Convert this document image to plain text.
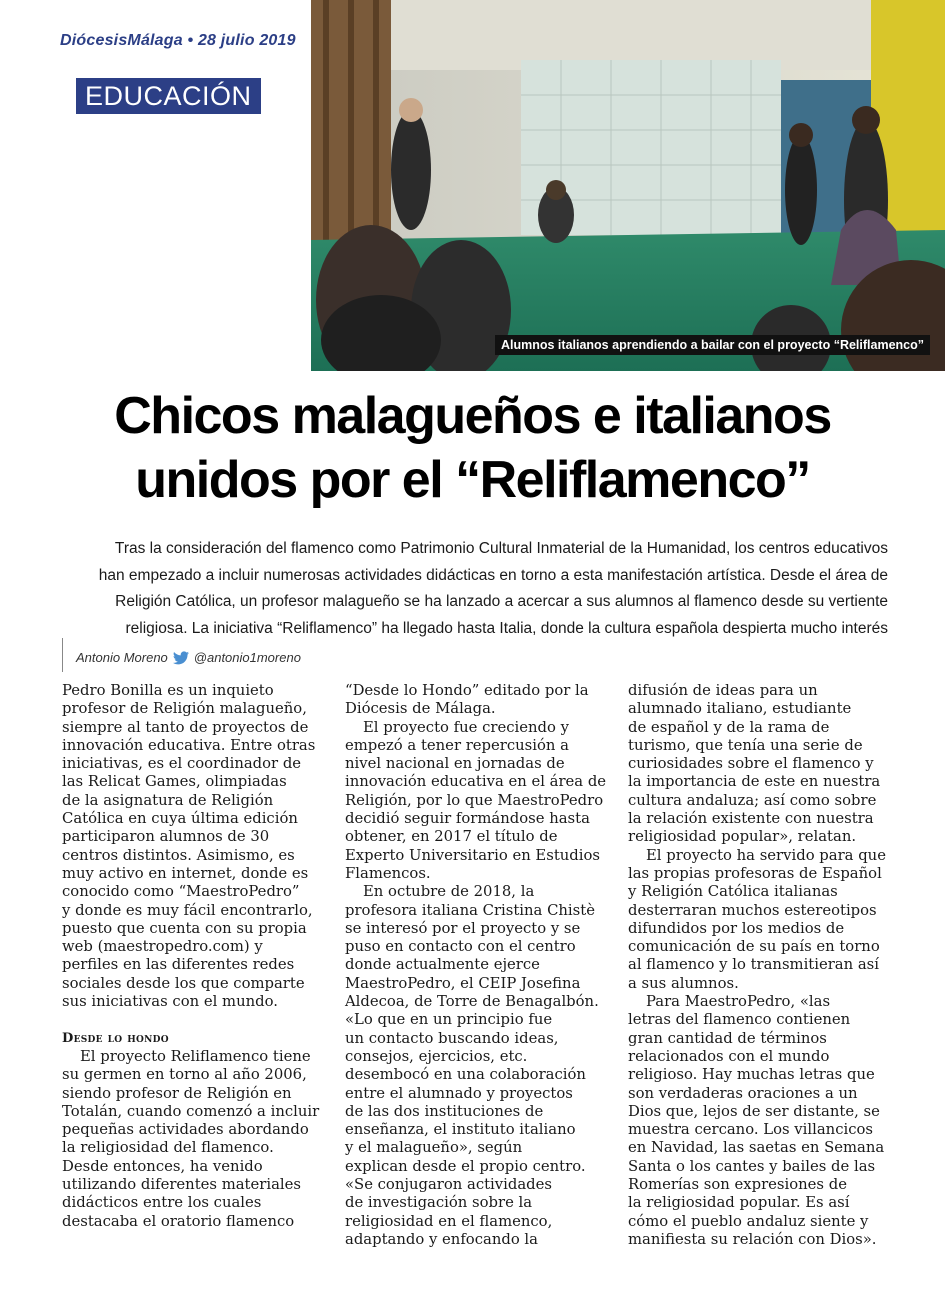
DiócesisMálaga • 28 julio 2019
EDUCACIÓN
Alumnos italianos aprendiendo a bailar con el proyecto “Reliflamenco”
Chicos malagueños e italianos
unidos por el “Reliflamenco”
Tras la consideración del flamenco como Patrimonio Cultural Inmaterial de la Humanidad, los centros educativos
han empezado a incluir numerosas actividades didácticas en torno a esta manifestación artística. Desde el área de
Religión Católica, un profesor malagueño se ha lanzado a acercar a sus alumnos al flamenco desde su vertiente
religiosa. La iniciativa “Reliflamenco” ha llegado hasta Italia, donde la cultura española despierta mucho interés
Antonio Moreno @antonio1moreno
Pedro Bonilla es un inquieto
profesor de Religión malagueño,
siempre al tanto de proyectos de
innovación educativa. Entre otras
iniciativas, es el coordinador de
las Relicat Games, olimpiadas
de la asignatura de Religión
Católica en cuya última edición
participaron alumnos de 30
centros distintos. Asimismo, es
muy activo en internet, donde es
conocido como “MaestroPedro”
y donde es muy fácil encontrarlo,
puesto que cuenta con su propia
web (maestropedro.com) y
perfiles en las diferentes redes
sociales desde los que comparte
sus iniciativas con el mundo.
Desde lo hondo
El proyecto Reliflamenco tiene
su germen en torno al año 2006,
siendo profesor de Religión en
Totalán, cuando comenzó a incluir
pequeñas actividades abordando
la religiosidad del flamenco.
Desde entonces, ha venido
utilizando diferentes materiales
didácticos entre los cuales
destacaba el oratorio flamenco
“Desde lo Hondo” editado por la
Diócesis de Málaga.
El proyecto fue creciendo y
empezó a tener repercusión a
nivel nacional en jornadas de
innovación educativa en el área de
Religión, por lo que MaestroPedro
decidió seguir formándose hasta
obtener, en 2017 el título de
Experto Universitario en Estudios
Flamencos.
En octubre de 2018, la
profesora italiana Cristina Chistè
se interesó por el proyecto y se
puso en contacto con el centro
donde actualmente ejerce
MaestroPedro, el CEIP Josefina
Aldecoa, de Torre de Benagalbón.
«Lo que en un principio fue
un contacto buscando ideas,
consejos, ejercicios, etc.
desembocó en una colaboración
entre el alumnado y proyectos
de las dos instituciones de
enseñanza, el instituto italiano
y el malagueño», según
explican desde el propio centro.
«Se conjugaron actividades
de investigación sobre la
religiosidad en el flamenco,
adaptando y enfocando la
difusión de ideas para un
alumnado italiano, estudiante
de español y de la rama de
turismo, que tenía una serie de
curiosidades sobre el flamenco y
la importancia de este en nuestra
cultura andaluza; así como sobre
la relación existente con nuestra
religiosidad popular», relatan.
El proyecto ha servido para que
las propias profesoras de Español
y Religión Católica italianas
desterraran muchos estereotipos
difundidos por los medios de
comunicación de su país en torno
al flamenco y lo transmitieran así
a sus alumnos.
Para MaestroPedro, «las
letras del flamenco contienen
gran cantidad de términos
relacionados con el mundo
religioso. Hay muchas letras que
son verdaderas oraciones a un
Dios que, lejos de ser distante, se
muestra cercano. Los villancicos
en Navidad, las saetas en Semana
Santa o los cantes y bailes de las
Romerías son expresiones de
la religiosidad popular. Es así
cómo el pueblo andaluz siente y
manifiesta su relación con Dios».
